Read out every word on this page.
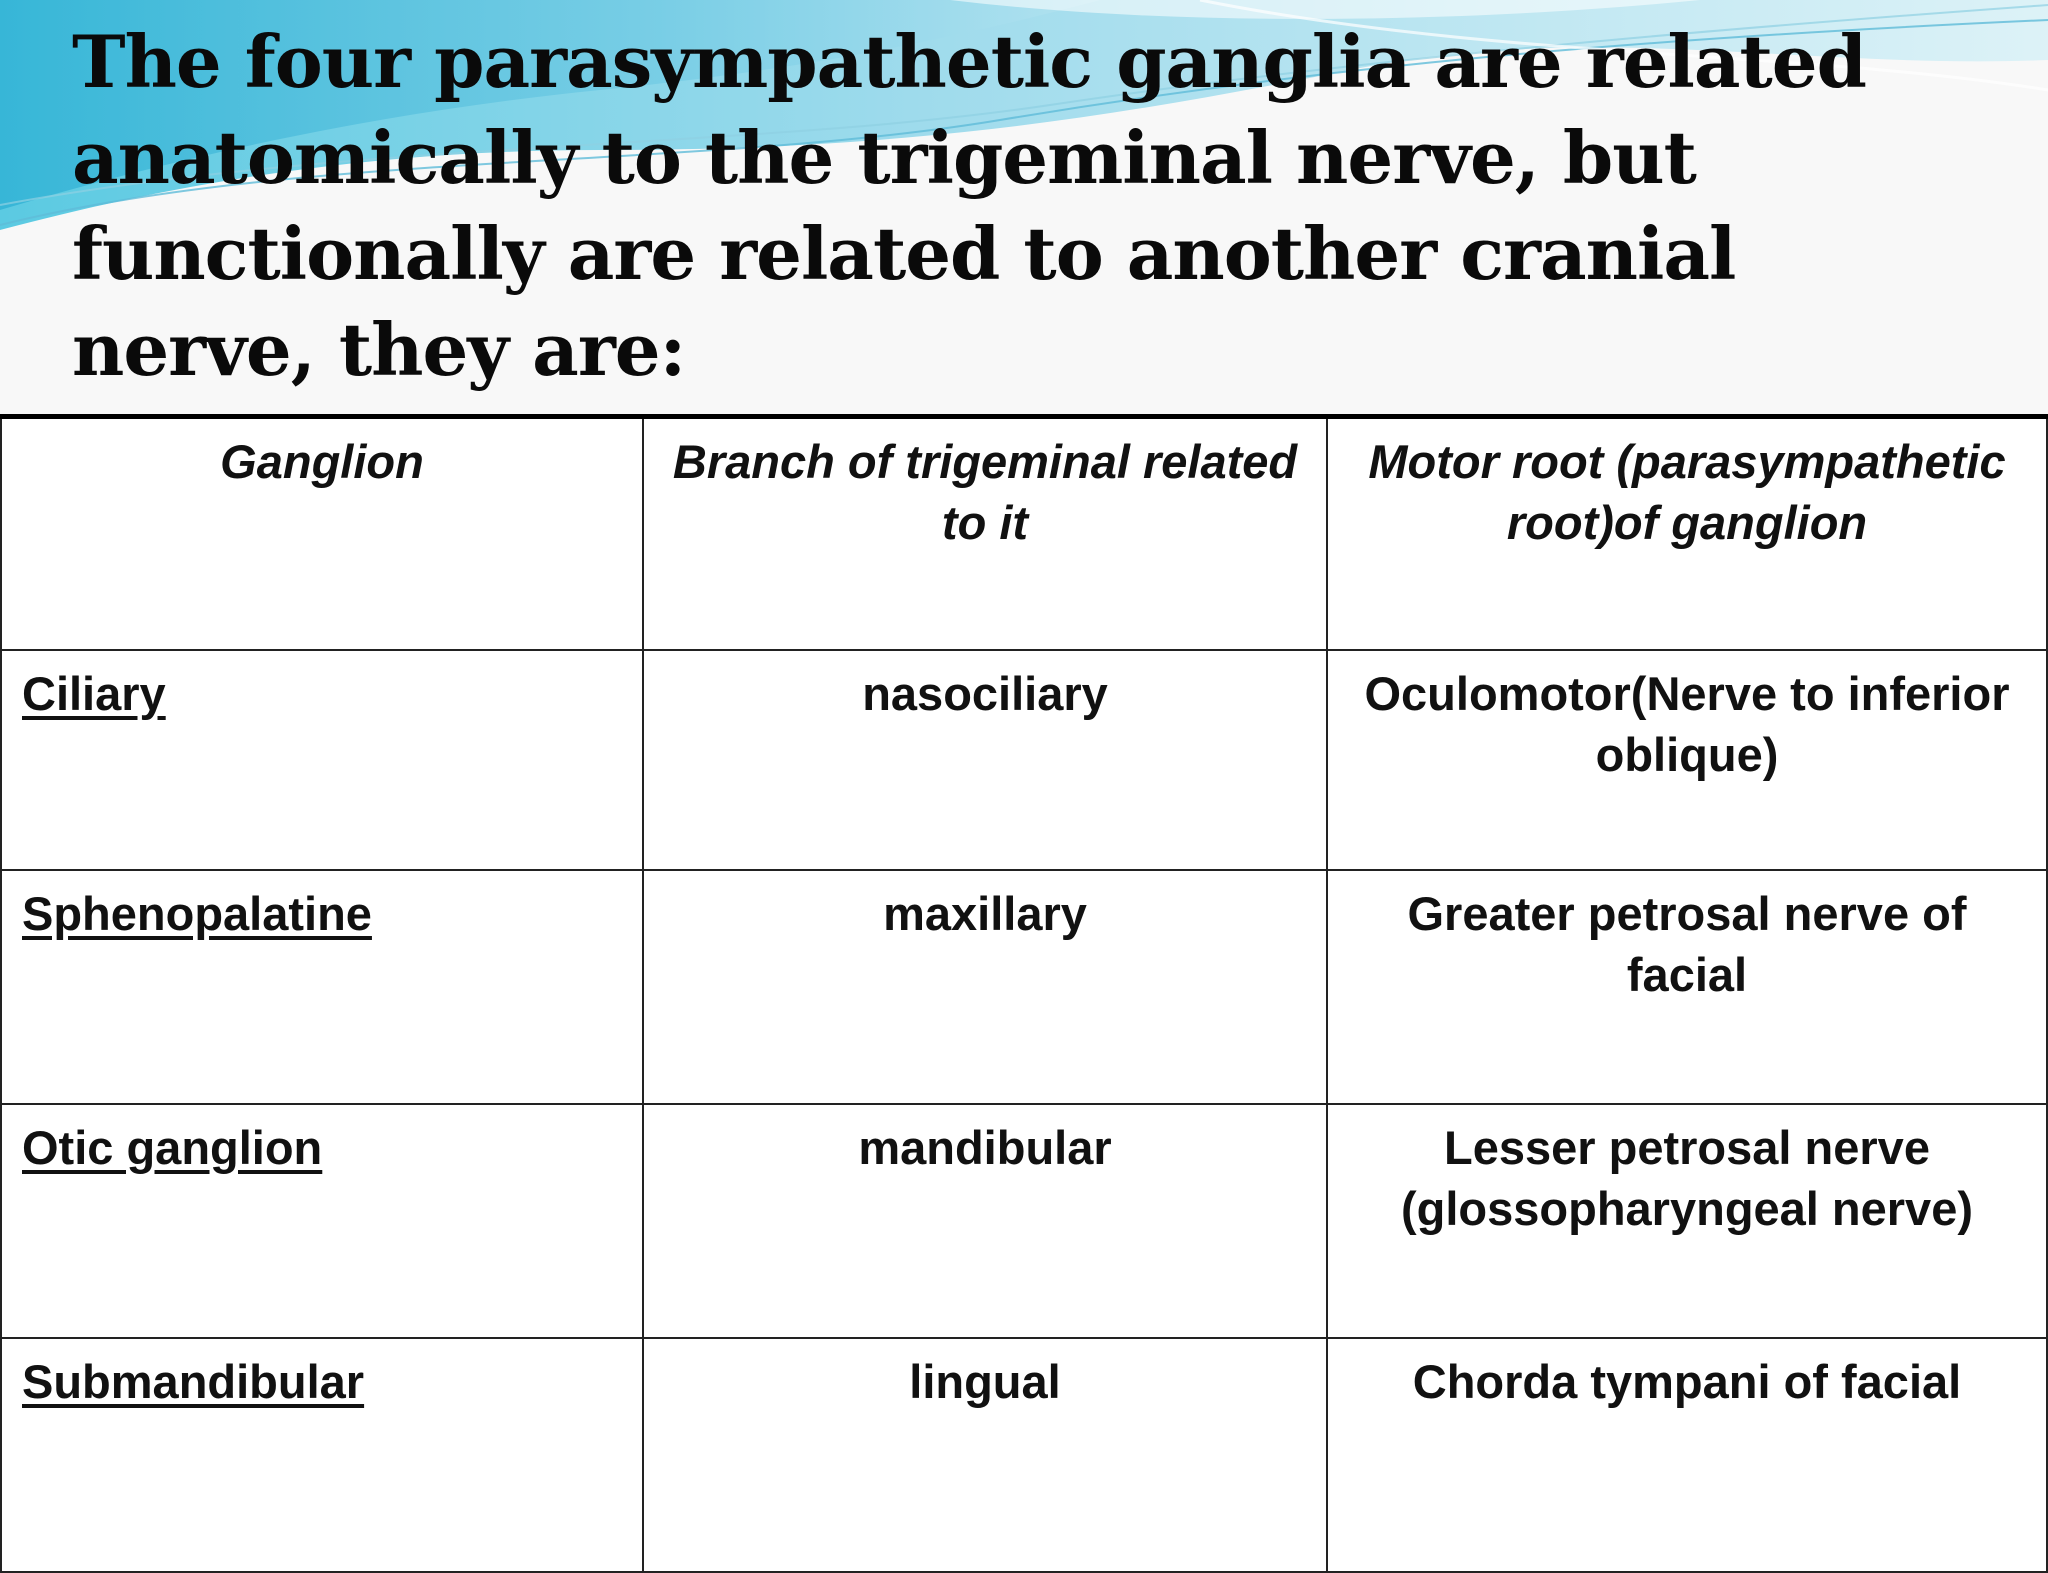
The four parasympathetic ganglia are related anatomically to the trigeminal nerve, but functionally are related to another cranial nerve, they are:
Ganglion	Branch of trigeminal related to it	Motor root (parasympathetic root)of ganglion
Ciliary	nasociliary	Oculomotor(Nerve to inferior oblique)
Sphenopalatine	maxillary	Greater petrosal nerve of facial
Otic ganglion	mandibular	Lesser petrosal nerve (glossopharyngeal nerve)
Submandibular	lingual	Chorda tympani of facial
